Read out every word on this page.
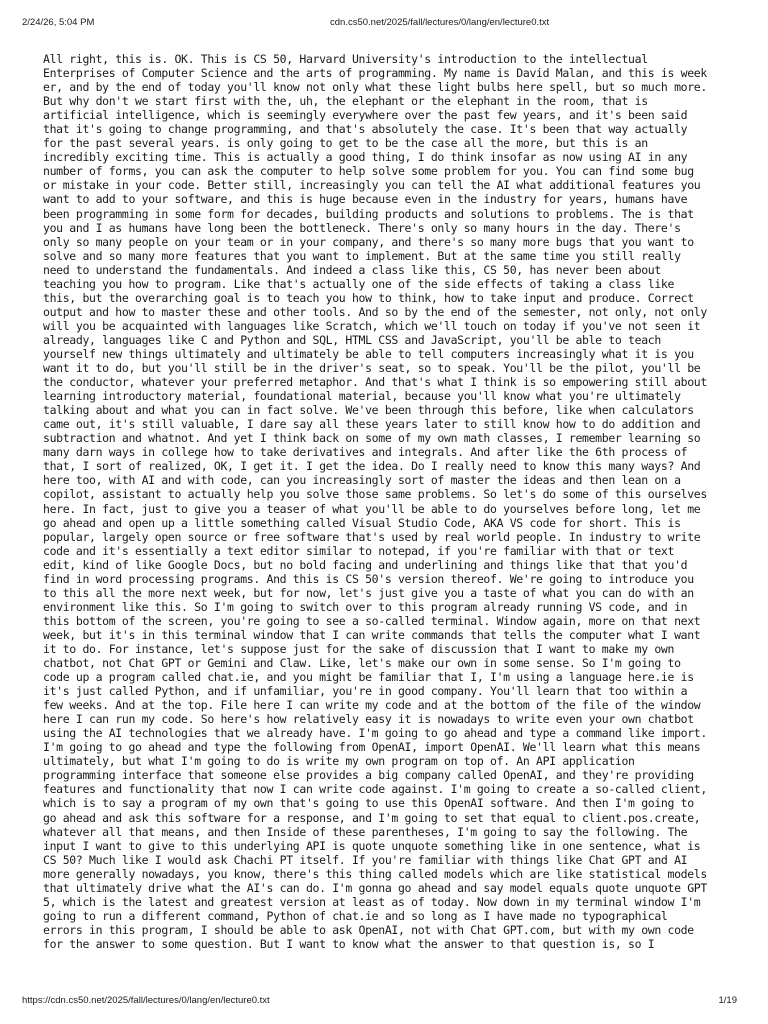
2/24/26, 5:04 PM	cdn.cs50.net/2025/fall/lectures/0/lang/en/lecture0.txt
All right, this is. OK. This is CS 50, Harvard University's introduction to the intellectual
Enterprises of Computer Science and the arts of programming. My name is David Malan, and this is week
er, and by the end of today you'll know not only what these light bulbs here spell, but so much more.
But why don't we start first with the, uh, the elephant or the elephant in the room, that is
artificial intelligence, which is seemingly everywhere over the past few years, and it's been said
that it's going to change programming, and that's absolutely the case. It's been that way actually
for the past several years. is only going to get to be the case all the more, but this is an
incredibly exciting time. This is actually a good thing, I do think insofar as now using AI in any
number of forms, you can ask the computer to help solve some problem for you. You can find some bug
or mistake in your code. Better still, increasingly you can tell the AI what additional features you
want to add to your software, and this is huge because even in the industry for years, humans have
been programming in some form for decades, building products and solutions to problems. The is that
you and I as humans have long been the bottleneck. There's only so many hours in the day. There's
only so many people on your team or in your company, and there's so many more bugs that you want to
solve and so many more features that you want to implement. But at the same time you still really
need to understand the fundamentals. And indeed a class like this, CS 50, has never been about
teaching you how to program. Like that's actually one of the side effects of taking a class like
this, but the overarching goal is to teach you how to think, how to take input and produce. Correct
output and how to master these and other tools. And so by the end of the semester, not only, not only
will you be acquainted with languages like Scratch, which we'll touch on today if you've not seen it
already, languages like C and Python and SQL, HTML CSS and JavaScript, you'll be able to teach
yourself new things ultimately and ultimately be able to tell computers increasingly what it is you
want it to do, but you'll still be in the driver's seat, so to speak. You'll be the pilot, you'll be
the conductor, whatever your preferred metaphor. And that's what I think is so empowering still about
learning introductory material, foundational material, because you'll know what you're ultimately
talking about and what you can in fact solve. We've been through this before, like when calculators
came out, it's still valuable, I dare say all these years later to still know how to do addition and
subtraction and whatnot. And yet I think back on some of my own math classes, I remember learning so
many darn ways in college how to take derivatives and integrals. And after like the 6th process of
that, I sort of realized, OK, I get it. I get the idea. Do I really need to know this many ways? And
here too, with AI and with code, can you increasingly sort of master the ideas and then lean on a
copilot, assistant to actually help you solve those same problems. So let's do some of this ourselves
here. In fact, just to give you a teaser of what you'll be able to do yourselves before long, let me
go ahead and open up a little something called Visual Studio Code, AKA VS code for short. This is
popular, largely open source or free software that's used by real world people. In industry to write
code and it's essentially a text editor similar to notepad, if you're familiar with that or text
edit, kind of like Google Docs, but no bold facing and underlining and things like that that you'd
find in word processing programs. And this is CS 50's version thereof. We're going to introduce you
to this all the more next week, but for now, let's just give you a taste of what you can do with an
environment like this. So I'm going to switch over to this program already running VS code, and in
this bottom of the screen, you're going to see a so-called terminal. Window again, more on that next
week, but it's in this terminal window that I can write commands that tells the computer what I want
it to do. For instance, let's suppose just for the sake of discussion that I want to make my own
chatbot, not Chat GPT or Gemini and Claw. Like, let's make our own in some sense. So I'm going to
code up a program called chat.ie, and you might be familiar that I, I'm using a language here.ie is
it's just called Python, and if unfamiliar, you're in good company. You'll learn that too within a
few weeks. And at the top. File here I can write my code and at the bottom of the file of the window
here I can run my code. So here's how relatively easy it is nowadays to write even your own chatbot
using the AI technologies that we already have. I'm going to go ahead and type a command like import.
I'm going to go ahead and type the following from OpenAI, import OpenAI. We'll learn what this means
ultimately, but what I'm going to do is write my own program on top of. An API application
programming interface that someone else provides a big company called OpenAI, and they're providing
features and functionality that now I can write code against. I'm going to create a so-called client,
which is to say a program of my own that's going to use this OpenAI software. And then I'm going to
go ahead and ask this software for a response, and I'm going to set that equal to client.pos.create,
whatever all that means, and then Inside of these parentheses, I'm going to say the following. The
input I want to give to this underlying API is quote unquote something like in one sentence, what is
CS 50? Much like I would ask Chachi PT itself. If you're familiar with things like Chat GPT and AI
more generally nowadays, you know, there's this thing called models which are like statistical models
that ultimately drive what the AI's can do. I'm gonna go ahead and say model equals quote unquote GPT
5, which is the latest and greatest version at least as of today. Now down in my terminal window I'm
going to run a different command, Python of chat.ie and so long as I have made no typographical
errors in this program, I should be able to ask OpenAI, not with Chat GPT.com, but with my own code
for the answer to some question. But I want to know what the answer to that question is, so I
https://cdn.cs50.net/2025/fall/lectures/0/lang/en/lecture0.txt	1/19
